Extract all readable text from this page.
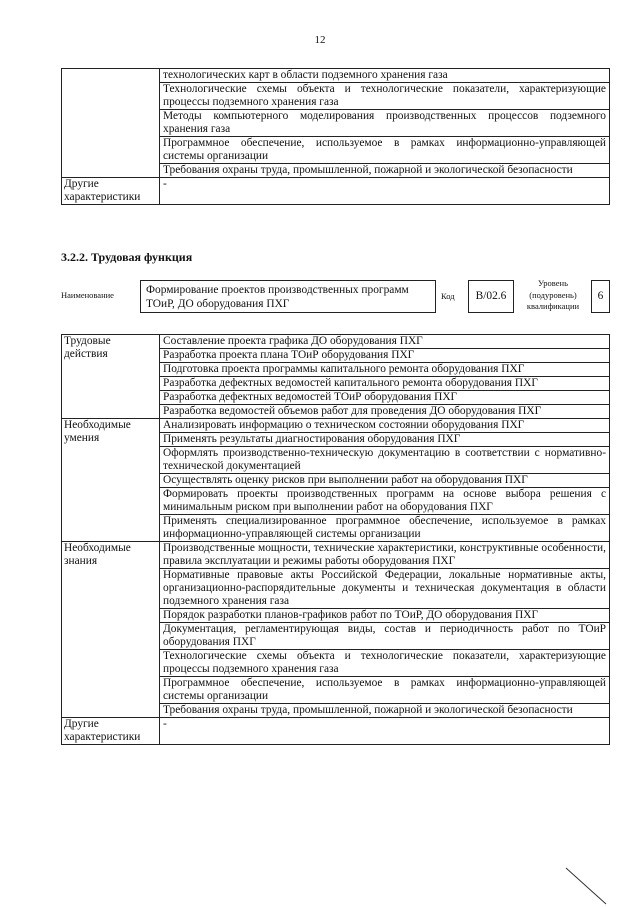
12
	технологических карт в области подземного хранения газа
	Технологические схемы объекта и технологические показатели, характеризующие процессы подземного хранения газа
	Методы компьютерного моделирования производственных процессов подземного хранения газа
	Программное обеспечение, используемое в рамках информационно-управляющей системы организации
	Требования охраны труда, промышленной, пожарной и экологической безопасности
Другие характеристики	-
3.2.2. Трудовая функция
Наименование	Формирование проектов производственных программ ТОиР, ДО оборудования ПХГ
Код	B/02.6
Уровень (подуровень) квалификации
6
Трудовые действия	Составление проекта графика ДО оборудования ПХГ
	Разработка проекта плана ТОиР оборудования ПХГ
	Подготовка проекта программы капитального ремонта оборудования ПХГ
	Разработка дефектных ведомостей капитального ремонта оборудования ПХГ
	Разработка дефектных ведомостей ТОиР оборудования ПХГ
	Разработка ведомостей объемов работ для проведения ДО оборудования ПХГ
Необходимые умения	Анализировать информацию о техническом состоянии оборудования ПХГ
	Применять результаты диагностирования оборудования ПХГ
	Оформлять производственно-техническую документацию в соответствии с нормативно-технической документацией
	Осуществлять оценку рисков при выполнении работ на оборудования ПХГ
	Формировать проекты производственных программ на основе выбора решения с минимальным риском при выполнении работ на оборудования ПХГ
	Применять специализированное программное обеспечение, используемое в рамках информационно-управляющей системы организации
Необходимые знания	Производственные мощности, технические характеристики, конструктивные особенности, правила эксплуатации и режимы работы оборудования ПХГ
	Нормативные правовые акты Российской Федерации, локальные нормативные акты, организационно-распорядительные документы и техническая документация в области подземного хранения газа
	Порядок разработки планов-графиков работ по ТОиР, ДО оборудования ПХГ
	Документация, регламентирующая виды, состав и периодичность работ по ТОиР оборудования ПХГ
	Технологические схемы объекта и технологические показатели, характеризующие процессы подземного хранения газа
	Программное обеспечение, используемое в рамках информационно-управляющей системы организации
	Требования охраны труда, промышленной, пожарной и экологической безопасности
Другие характеристики	-
